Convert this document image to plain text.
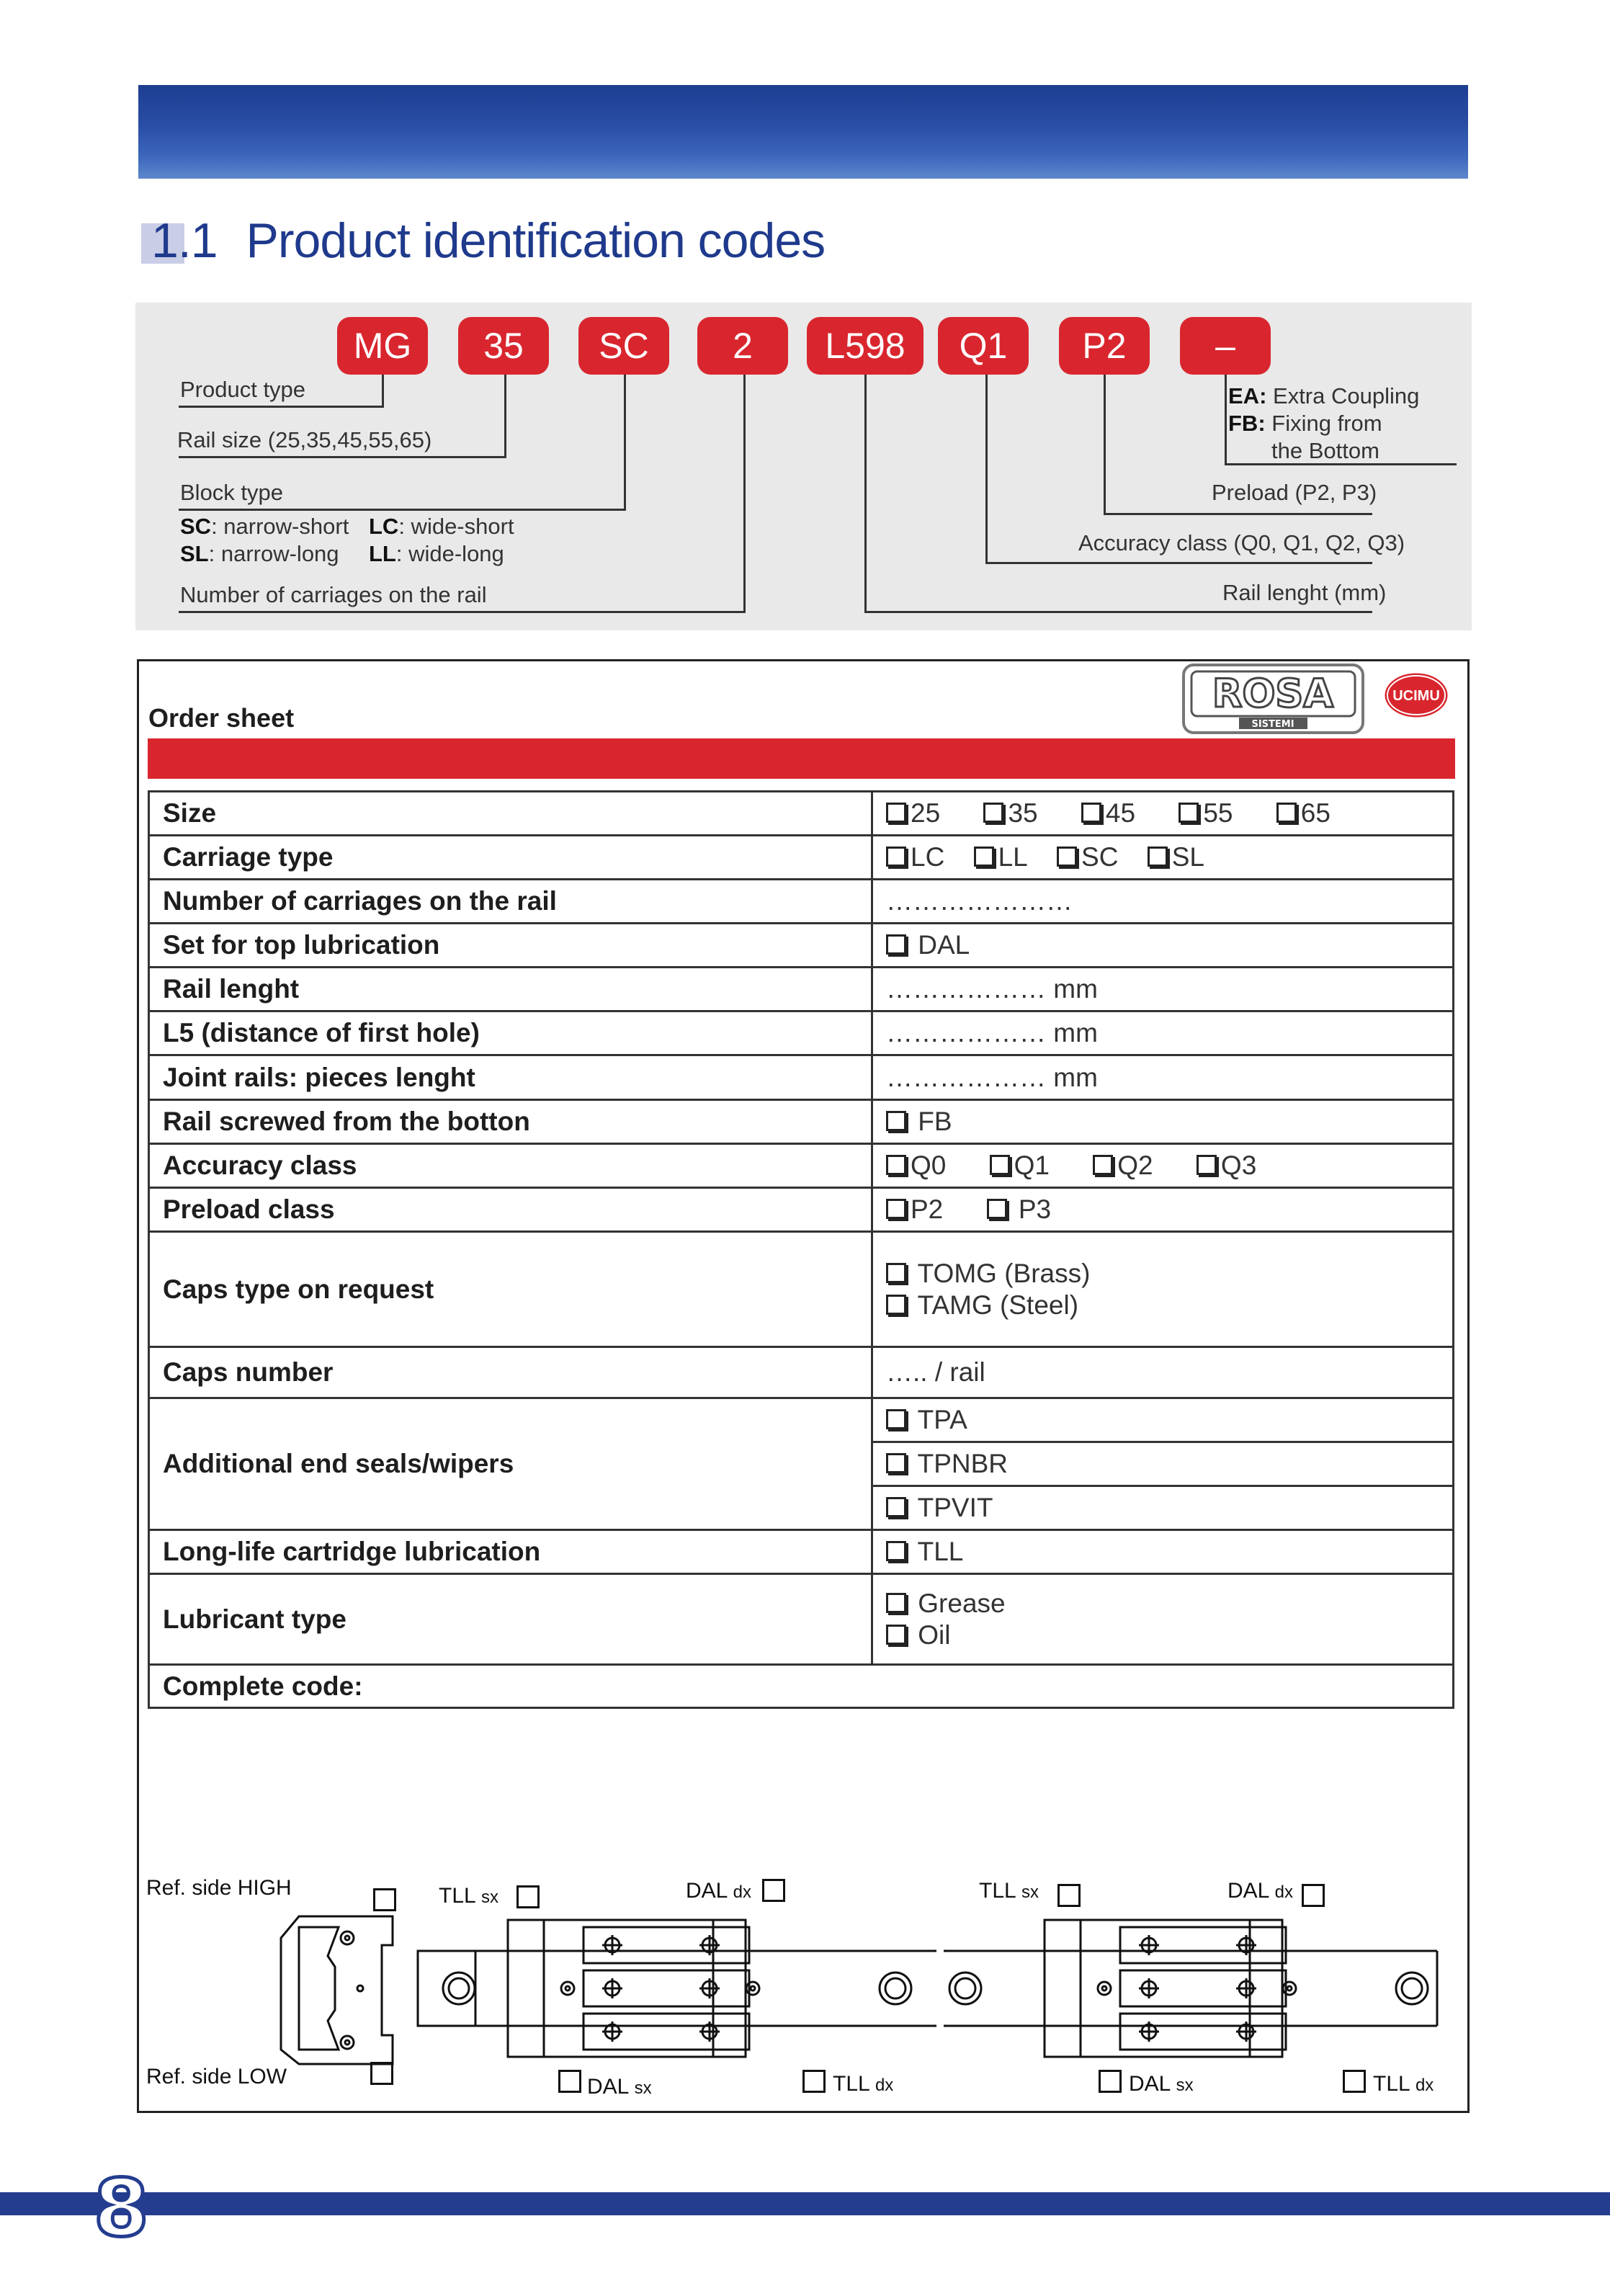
1.1 Product identification codes
MG	35	SC	2	L598	Q1	P2	–
Product type
Rail size (25,35,45,55,65)
Block type
SC: narrow-short LC: wide-short
SL: narrow-long LL: wide-long
Number of carriages on the rail
EA: Extra Coupling
FB: Fixing from
the Bottom
Preload (P2, P3)
Accuracy class (Q0, Q1, Q2, Q3)
Rail lenght (mm)
Order sheet
ROSA
SISTEMI
UCIMU
Size	25 35 45 55 65
Carriage type	LC LL SC SL
Number of carriages on the rail	…………………
Set for top lubrication	DAL
Rail lenght	……………… mm
L5 (distance of first hole)	……………… mm
Joint rails: pieces lenght	……………… mm
Rail screwed from the botton	FB
Accuracy class	Q0 Q1 Q2 Q3
Preload class	P2 P3
Caps type on request	TOMG (Brass)
TAMG (Steel)

Caps number	….. / rail
Additional end seals/wipers	TPA
	TPNBR
	TPVIT
Long-life cartridge lubrication	TLL
Lubricant type	Grease
Oil

Complete code:	
Ref. side HIGH
Ref. side LOW
TLL sx	DAL dx	TLL sx	DAL dx
DAL sx	TLL dx	DAL sx	TLL dx
8
